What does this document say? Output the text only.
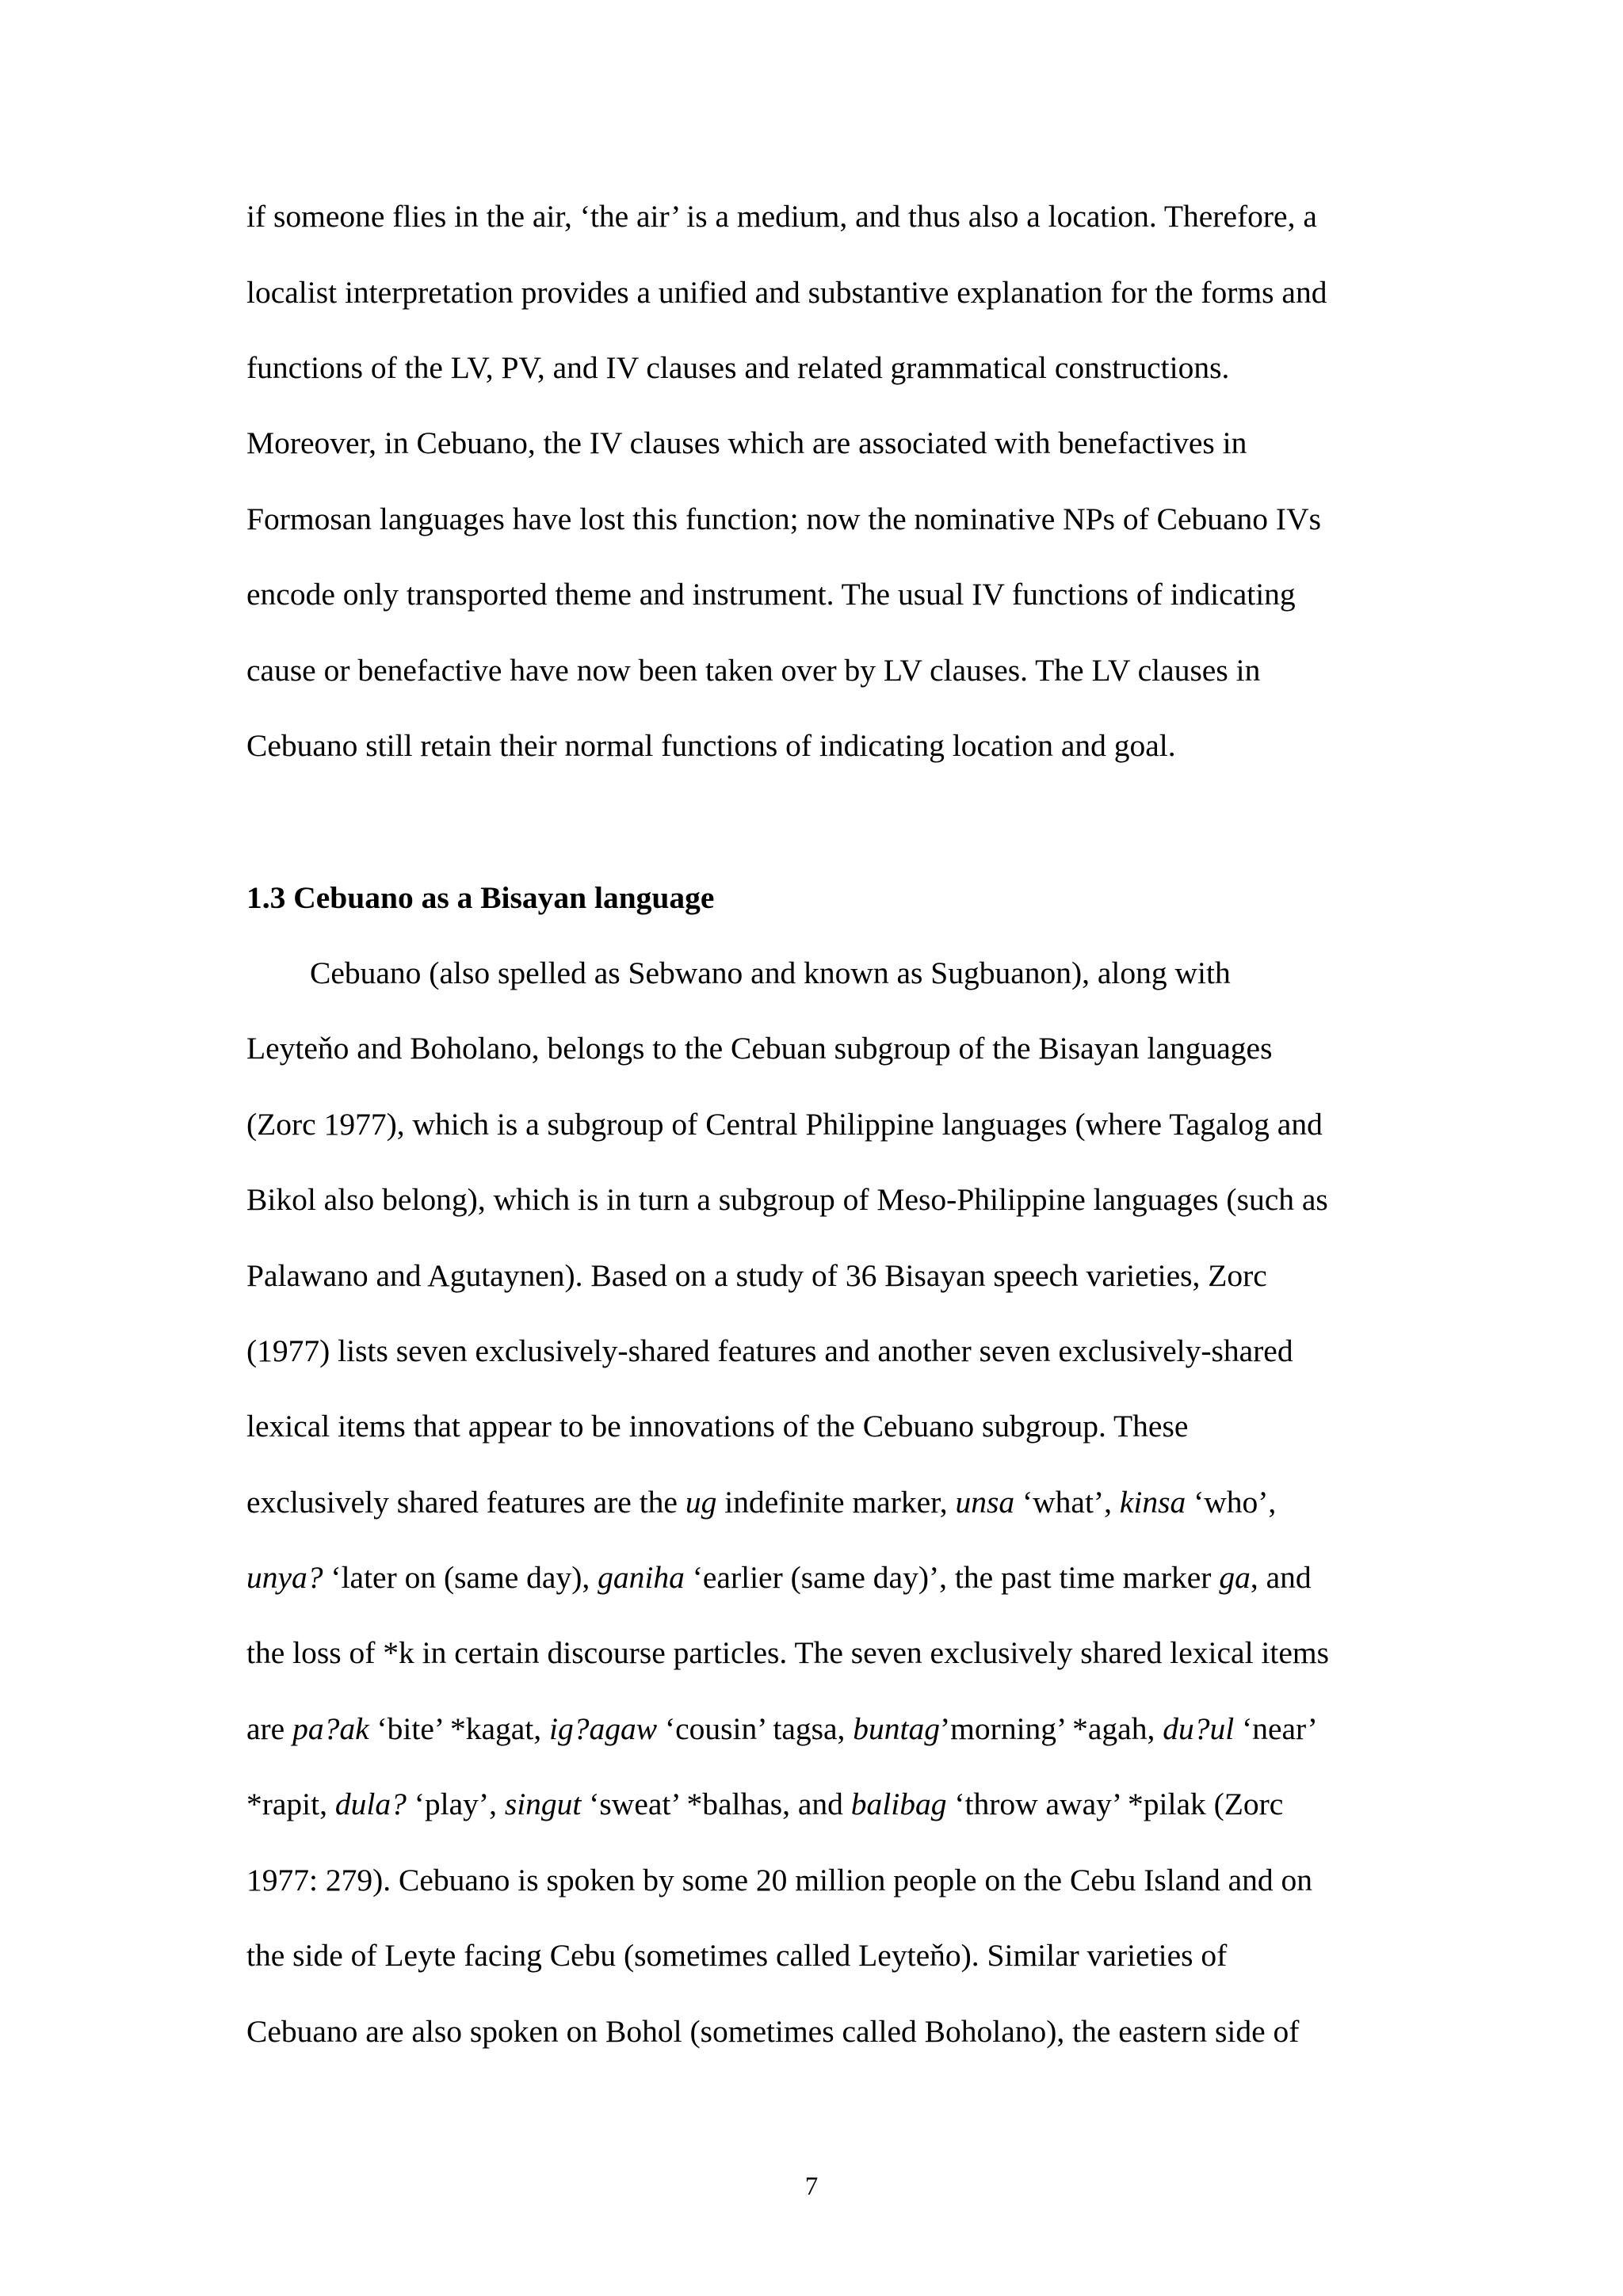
if someone flies in the air, ‘the air’ is a medium, and thus also a location. Therefore, a
localist interpretation provides a unified and substantive explanation for the forms and
functions of the LV, PV, and IV clauses and related grammatical constructions.
Moreover, in Cebuano, the IV clauses which are associated with benefactives in
Formosan languages have lost this function; now the nominative NPs of Cebuano IVs
encode only transported theme and instrument. The usual IV functions of indicating
cause or benefactive have now been taken over by LV clauses. The LV clauses in
Cebuano still retain their normal functions of indicating location and goal.
1.3 Cebuano as a Bisayan language
Cebuano (also spelled as Sebwano and known as Sugbuanon), along with
Leyteňo and Boholano, belongs to the Cebuan subgroup of the Bisayan languages
(Zorc 1977), which is a subgroup of Central Philippine languages (where Tagalog and
Bikol also belong), which is in turn a subgroup of Meso-Philippine languages (such as
Palawano and Agutaynen). Based on a study of 36 Bisayan speech varieties, Zorc
(1977) lists seven exclusively-shared features and another seven exclusively-shared
lexical items that appear to be innovations of the Cebuano subgroup. These
exclusively shared features are the ug indefinite marker, unsa ‘what’, kinsa ‘who’,
unya? ‘later on (same day), ganiha ‘earlier (same day)’, the past time marker ga, and
the loss of *k in certain discourse particles. The seven exclusively shared lexical items
are pa?ak ‘bite’ *kagat, ig?agaw ‘cousin’ tagsa, buntag’morning’ *agah, du?ul ‘near’
*rapit, dula? ‘play’, singut ‘sweat’ *balhas, and balibag ‘throw away’ *pilak (Zorc
1977: 279). Cebuano is spoken by some 20 million people on the Cebu Island and on
the side of Leyte facing Cebu (sometimes called Leyteňo). Similar varieties of
Cebuano are also spoken on Bohol (sometimes called Boholano), the eastern side of
7
